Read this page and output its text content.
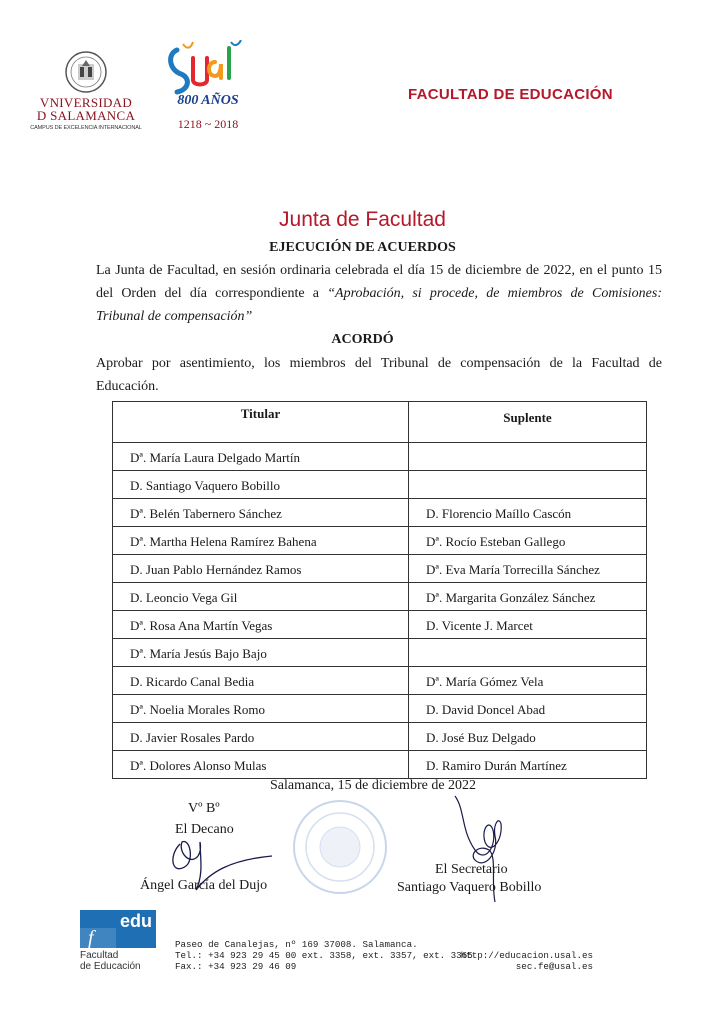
VNIVERSIDAD
D SALAMANCA
CAMPUS DE EXCELENCIA INTERNACIONAL
800 AÑOS
1218 ~ 2018
FACULTAD DE EDUCACIÓN
Junta de Facultad
EJECUCIÓN DE ACUERDOS
La Junta de Facultad, en sesión ordinaria celebrada el día 15 de diciembre de 2022, en el punto 15
del Orden del día correspondiente a “Aprobación, si procede, de miembros de Comisiones:
Tribunal de compensación”
ACORDÓ
Aprobar por asentimiento, los miembros del Tribunal de compensación de la Facultad de
Educación.
Titular	Suplente
Dª. María Laura Delgado Martín
D. Santiago Vaquero Bobillo
Dª. Belén Tabernero Sánchez	D. Florencio Maíllo Cascón
Dª. Martha Helena Ramírez Bahena	Dª. Rocío Esteban Gallego
D. Juan Pablo Hernández Ramos	Dª. Eva María Torrecilla Sánchez
D. Leoncio Vega Gil	Dª. Margarita González Sánchez
Dª. Rosa Ana Martín Vegas	D. Vicente J. Marcet
Dª. María Jesús Bajo Bajo
D. Ricardo Canal Bedia	Dª. María Gómez Vela
Dª. Noelia Morales Romo	D. David Doncel Abad
D. Javier Rosales Pardo	D. José Buz Delgado
Dª. Dolores Alonso Mulas	D. Ramiro Durán Martínez
Salamanca, 15 de diciembre de 2022
Vº Bº
El Decano
Ángel García del Dujo
El Secretario
Santiago Vaquero Bobillo
edu
f
Facultad
de Educación
Paseo de Canalejas, nº 169 37008. Salamanca.
Tel.: +34 923 29 45 00 ext. 3358, ext. 3357, ext. 3365
Fax.: +34 923 29 46 09
http://educacion.usal.es
sec.fe@usal.es
